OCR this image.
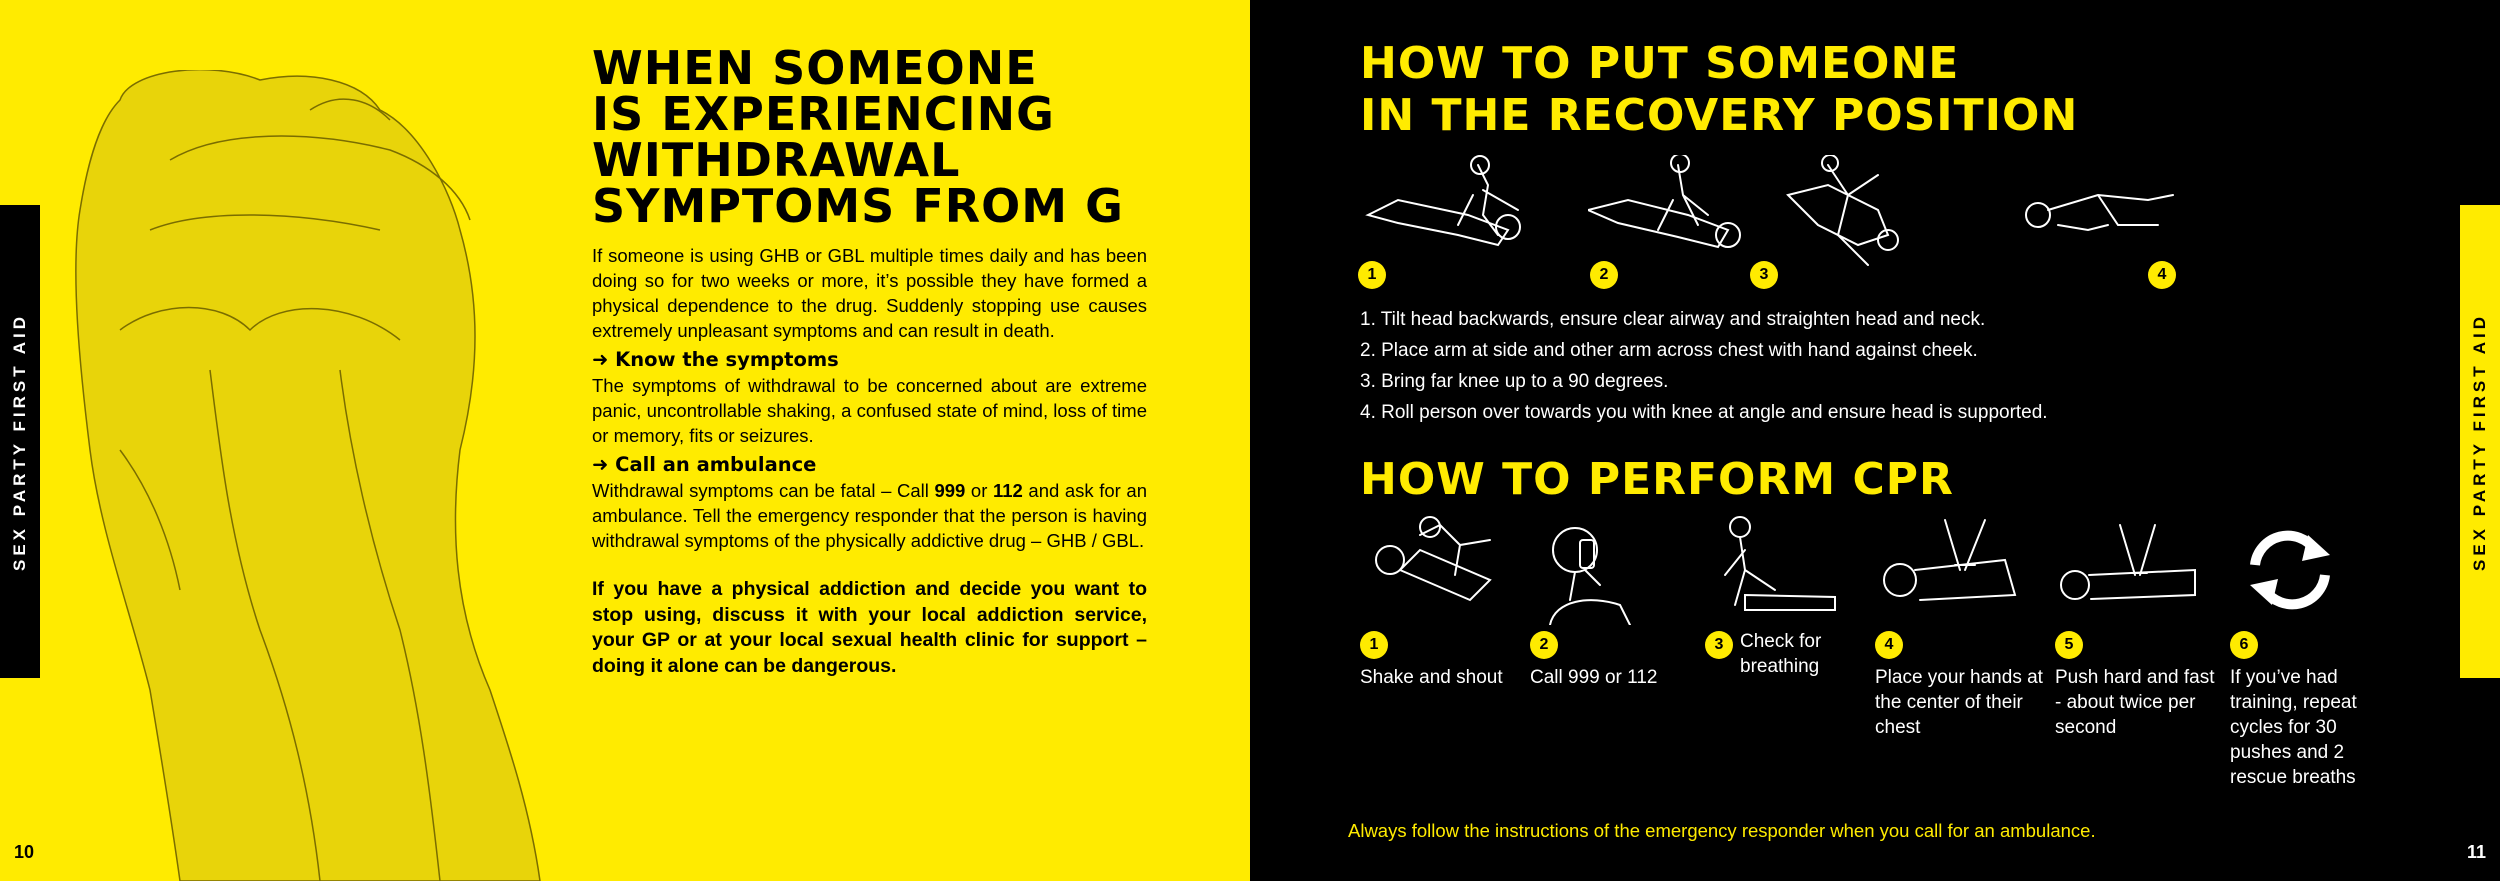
SEX PARTY FIRST AID
WHEN SOMEONE
IS EXPERIENCING
WITHDRAWAL
SYMPTOMS FROM G

If someone is using GHB or GBL multiple times daily and has been doing so for two weeks or more, it’s possible they have formed a physical dependence to the drug. Suddenly stopping use causes extremely unpleasant symptoms and can result in death.

➜ Know the symptoms

The symptoms of withdrawal to be concerned about are extreme panic, uncontrollable shaking, a confused state of mind, loss of time or memory, fits or seizures.

➜ Call an ambulance

Withdrawal symptoms can be fatal – Call 999 or 112 and ask for an ambulance. Tell the emergency responder that the person is having withdrawal symptoms of the physically addictive drug – GHB / GBL.

If you have a physical addiction and decide you want to stop using, discuss it with your local addiction service, your GP or at your local sexual health clinic for support – doing it alone can be dangerous.

10
HOW TO PUT SOMEONE
IN THE RECOVERY POSITION
1	2	3	4
1. Tilt head backwards, ensure clear airway and straighten head and neck.
2. Place arm at side and other arm across chest with hand against cheek.
3. Bring far knee up to a 90 degrees.
4. Roll person over towards you with knee at angle and ensure head is supported.
HOW TO PERFORM CPR
1
Shake and shout
2
Call 999 or 112
3 Check for breathing
4
Place your hands at the center of their chest
5
Push hard and fast - about twice per second
6
If you’ve had training, repeat cycles for 30 pushes and 2 rescue breaths
Always follow the instructions of the emergency responder when you call for an ambulance.
SEX PARTY FIRST AID
11
